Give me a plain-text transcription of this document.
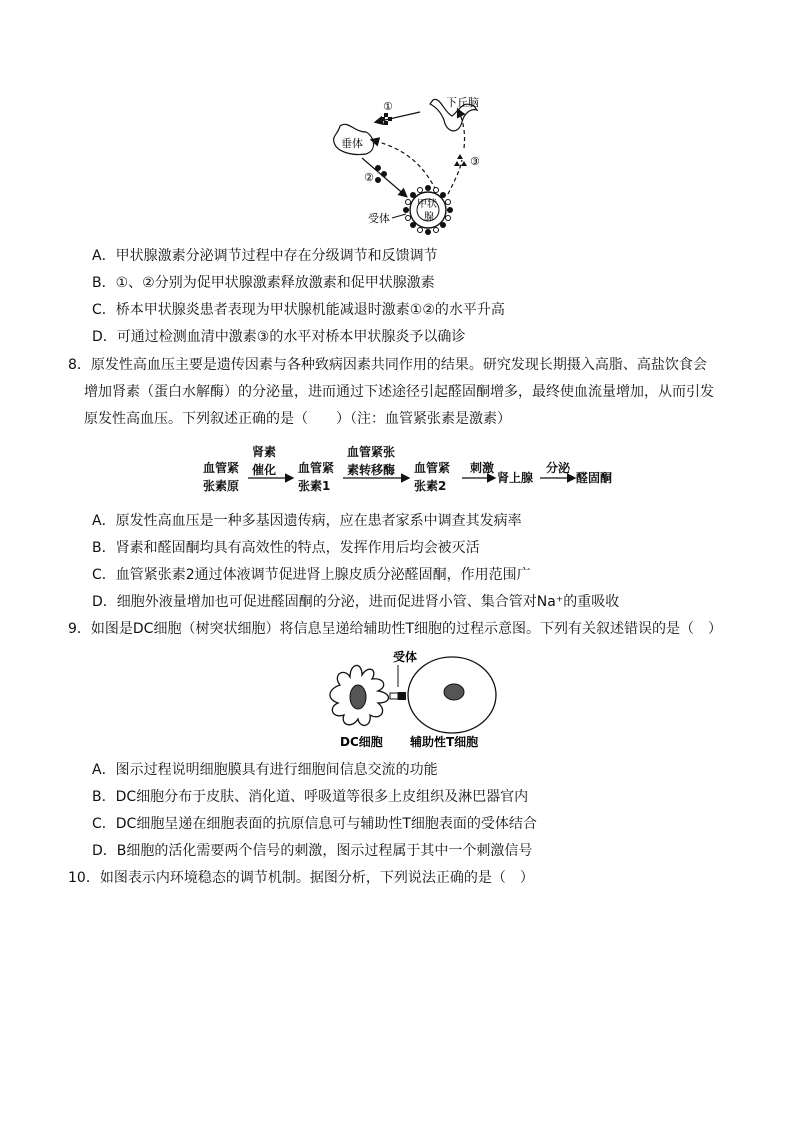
下丘脑
垂体
①
②
③
甲状
腺
受体
A．甲状腺激素分泌调节过程中存在分级调节和反馈调节
B．①、②分别为促甲状腺激素释放激素和促甲状腺激素
C．桥本甲状腺炎患者表现为甲状腺机能减退时激素①②的水平升高
D．可通过检测血清中激素③的水平对桥本甲状腺炎予以确诊
8．原发性高血压主要是遗传因素与各种致病因素共同作用的结果。研究发现长期摄入高脂、高盐饮食会
增加肾素（蛋白水解酶）的分泌量，进而通过下述途径引起醛固酮增多，最终使血流量增加，从而引发
原发性高血压。下列叙述正确的是（　　）（注：血管紧张素是激素）
血管紧
张素原
肾素
催化 血管紧
张素1
血管紧张
素转移酶 血管紧
张素2
刺激
肾上腺
分泌
醛固酮
A．原发性高血压是一种多基因遗传病，应在患者家系中调查其发病率
B．肾素和醛固酮均具有高效性的特点，发挥作用后均会被灭活
C．血管紧张素2通过体液调节促进肾上腺皮质分泌醛固酮，作用范围广
D．细胞外液量增加也可促进醛固酮的分泌，进而促进肾小管、集合管对Na⁺的重吸收
9．如图是DC细胞（树突状细胞）将信息呈递给辅助性T细胞的过程示意图。下列有关叙述错误的是（　）
受体
DC细胞 辅助性T细胞
A．图示过程说明细胞膜具有进行细胞间信息交流的功能
B．DC细胞分布于皮肤、消化道、呼吸道等很多上皮组织及淋巴器官内
C．DC细胞呈递在细胞表面的抗原信息可与辅助性T细胞表面的受体结合
D．B细胞的活化需要两个信号的刺激，图示过程属于其中一个刺激信号
10．如图表示内环境稳态的调节机制。据图分析，下列说法正确的是（　）
